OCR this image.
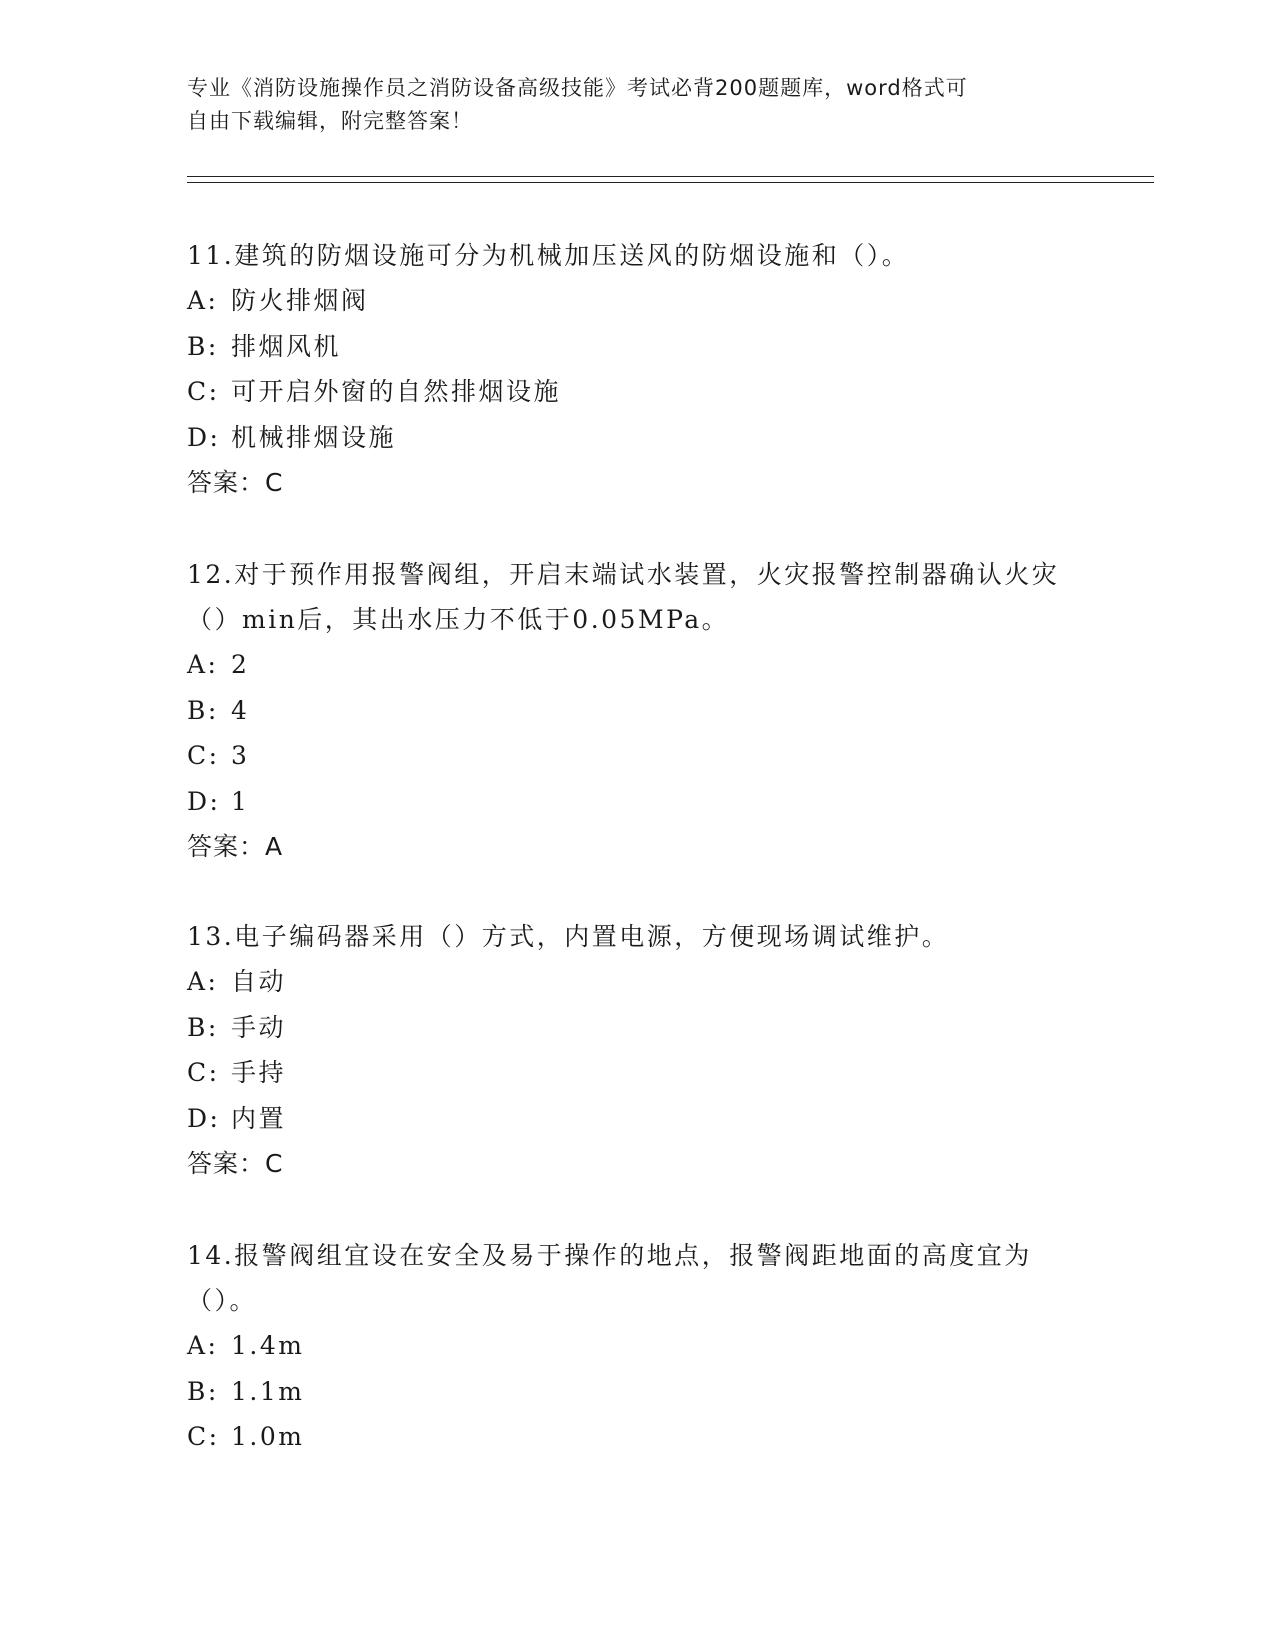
专业《消防设施操作员之消防设备高级技能》考试必背200题题库，word格式可

自由下载编辑，附完整答案！

11.建筑的防烟设施可分为机械加压送风的防烟设施和（）。

A: 防火排烟阀

B: 排烟风机

C: 可开启外窗的自然排烟设施

D: 机械排烟设施

答案：C

12.对于预作用报警阀组，开启末端试水装置，火灾报警控制器确认火灾（）min后，其出水压力不低于0.05MPa。

A: 2

B: 4

C: 3

D: 1

答案：A

13.电子编码器采用（）方式，内置电源，方便现场调试维护。

A: 自动

B: 手动

C: 手持

D: 内置

答案：C

14.报警阀组宜设在安全及易于操作的地点，报警阀距地面的高度宜为（）。

A: 1.4m

B: 1.1m

C: 1.0m
